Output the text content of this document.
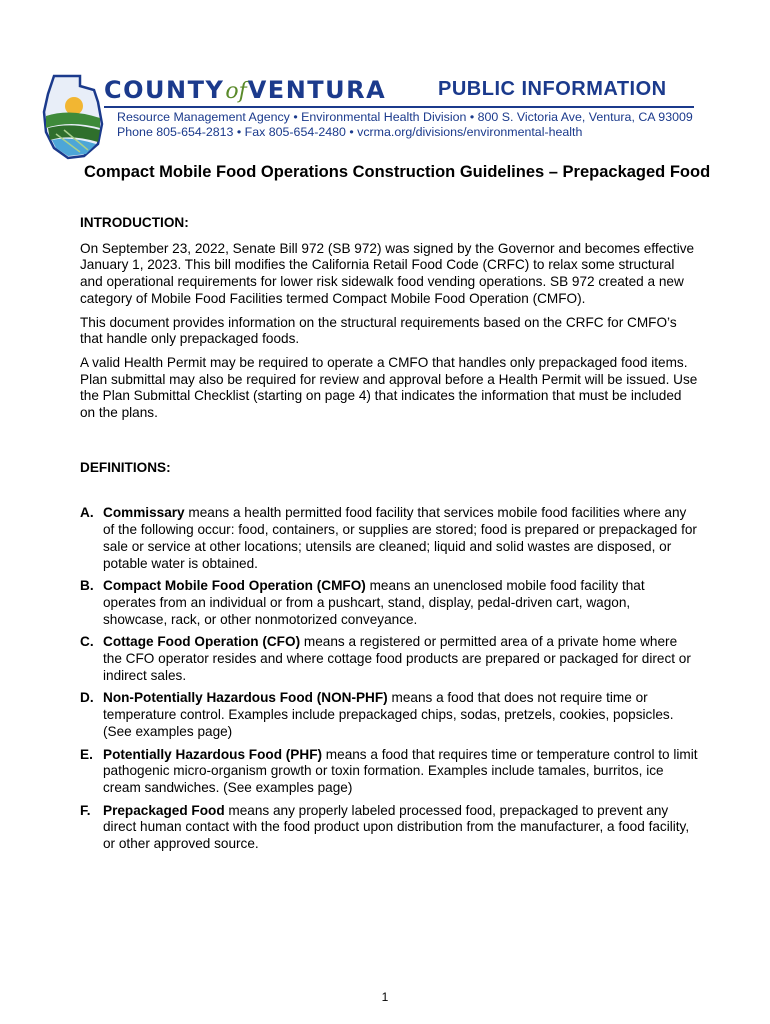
COUNTYofVENTURA	PUBLIC INFORMATION
Resource Management Agency • Environmental Health Division • 800 S. Victoria Ave, Ventura, CA 93009
Phone 805-654-2813 • Fax 805-654-2480 • vcrma.org/divisions/environmental-health
Compact Mobile Food Operations Construction Guidelines – Prepackaged Food

INTRODUCTION:

On September 23, 2022, Senate Bill 972 (SB 972) was signed by the Governor and becomes effective January 1, 2023. This bill modifies the California Retail Food Code (CRFC) to relax some structural and operational requirements for lower risk sidewalk food vending operations. SB 972 created a new category of Mobile Food Facilities termed Compact Mobile Food Operation (CMFO).

This document provides information on the structural requirements based on the CRFC for CMFO’s that handle only prepackaged foods.

A valid Health Permit may be required to operate a CMFO that handles only prepackaged food items. Plan submittal may also be required for review and approval before a Health Permit will be issued. Use the Plan Submittal Checklist (starting on page 4) that indicates the information that must be included on the plans.

DEFINITIONS:

A. Commissary means a health permitted food facility that services mobile food facilities where any of the following occur: food, containers, or supplies are stored; food is prepared or prepackaged for sale or service at other locations; utensils are cleaned; liquid and solid wastes are disposed, or potable water is obtained.
B. Compact Mobile Food Operation (CMFO) means an unenclosed mobile food facility that operates from an individual or from a pushcart, stand, display, pedal-driven cart, wagon, showcase, rack, or other nonmotorized conveyance.
C. Cottage Food Operation (CFO) means a registered or permitted area of a private home where the CFO operator resides and where cottage food products are prepared or packaged for direct or indirect sales.
D. Non-Potentially Hazardous Food (NON-PHF) means a food that does not require time or temperature control. Examples include prepackaged chips, sodas, pretzels, cookies, popsicles. (See examples page)
E. Potentially Hazardous Food (PHF) means a food that requires time or temperature control to limit pathogenic micro-organism growth or toxin formation. Examples include tamales, burritos, ice cream sandwiches. (See examples page)
F. Prepackaged Food means any properly labeled processed food, prepackaged to prevent any direct human contact with the food product upon distribution from the manufacturer, a food facility, or other approved source.
1
